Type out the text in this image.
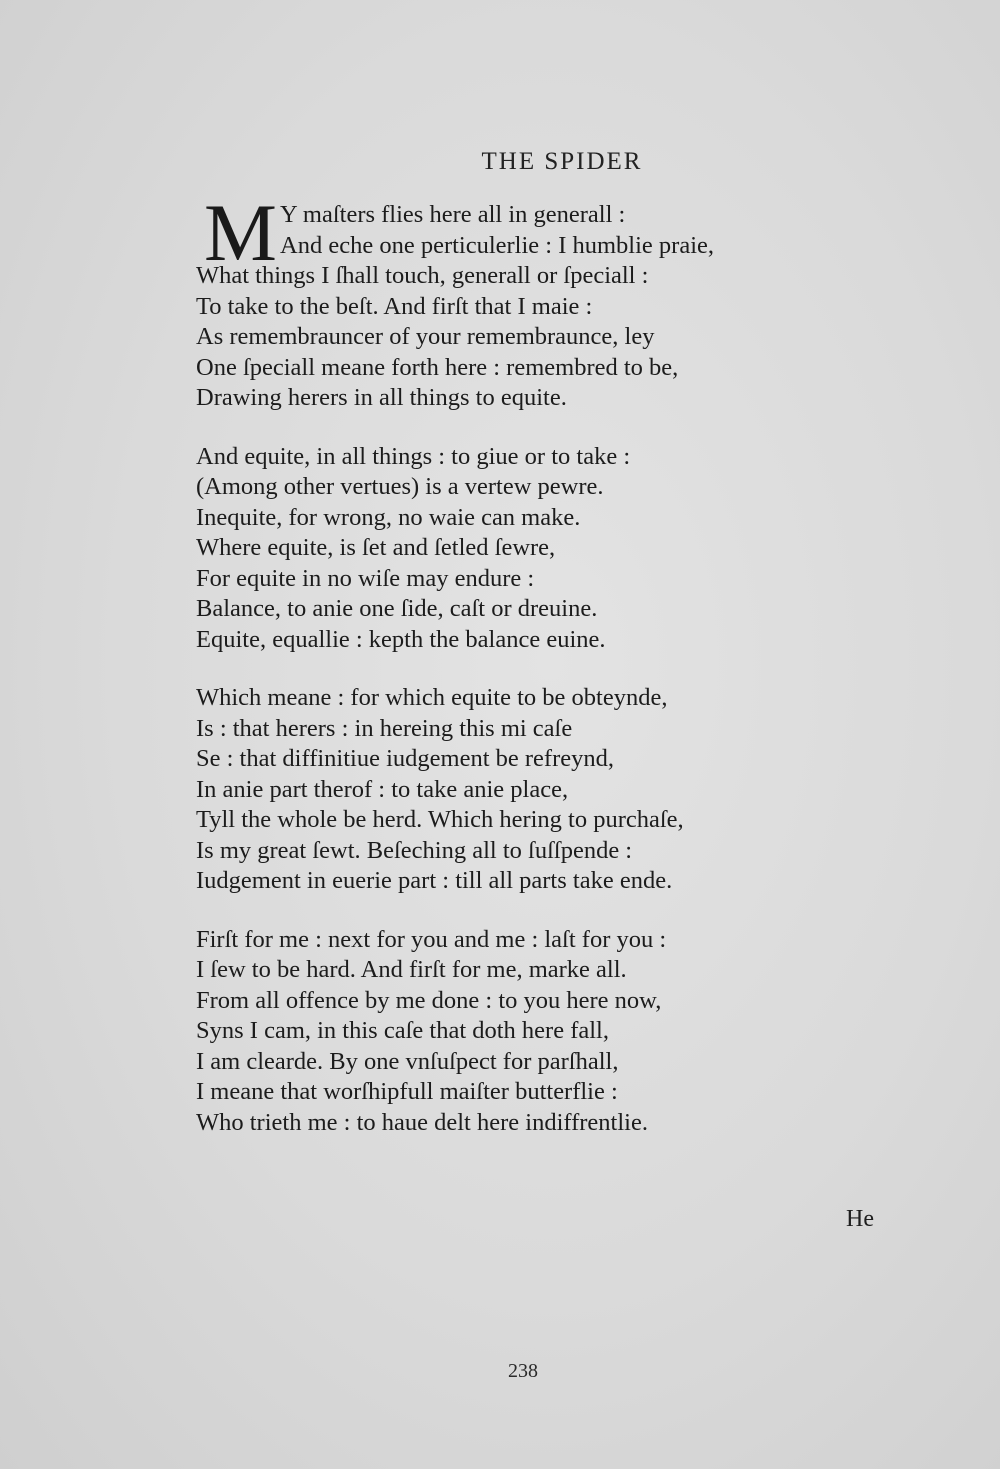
THE SPIDER
M Y maſters flies here all in generall :
And eche one perticulerlie : I humblie praie,
What things I ſhall touch, generall or ſpeciall :
To take to the beſt. And firſt that I maie :
As remembrauncer of your remembraunce, ley
One ſpeciall meane forth here : remembred to be,
Drawing herers in all things to equite.
And equite, in all things : to giue or to take :
(Among other vertues) is a vertew pewre.
Inequite, for wrong, no waie can make.
Where equite, is ſet and ſetled ſewre,
For equite in no wiſe may endure :
Balance, to anie one ſide, caſt or dreuine.
Equite, equallie : kepth the balance euine.
Which meane : for which equite to be obteynde,
Is : that herers : in hereing this mi caſe
Se : that diffinitiue iudgement be refreynd,
In anie part therof : to take anie place,
Tyll the whole be herd. Which hering to purchaſe,
Is my great ſewt. Beſeching all to ſuſſpende :
Iudgement in euerie part : till all parts take ende.
Firſt for me : next for you and me : laſt for you :
I ſew to be hard. And firſt for me, marke all.
From all offence by me done : to you here now,
Syns I cam, in this caſe that doth here fall,
I am clearde. By one vnſuſpect for parſhall,
I meane that worſhipfull maiſter butterflie :
Who trieth me : to haue delt here indiffrentlie.
He
238
